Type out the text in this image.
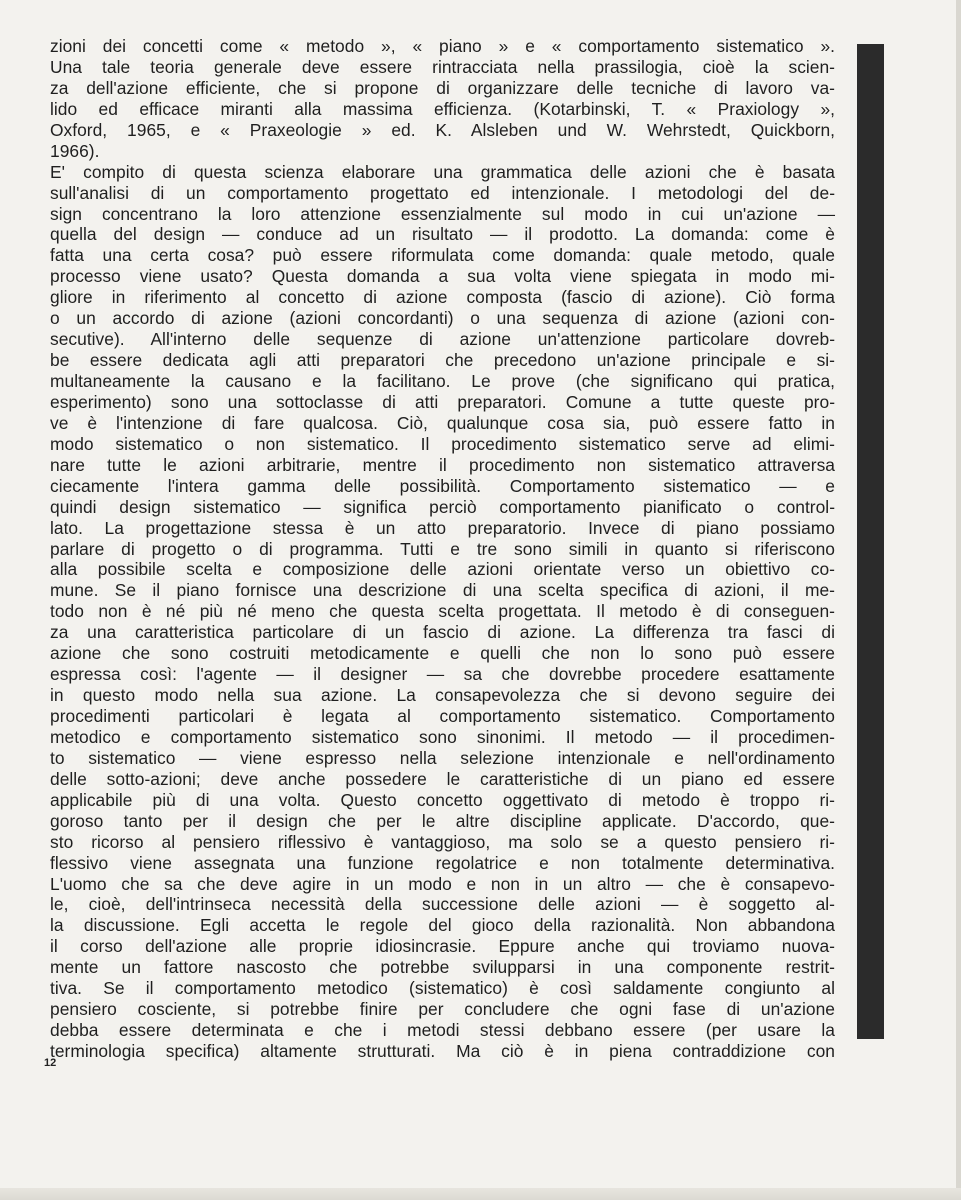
zioni dei concetti come « metodo », « piano » e « comportamento sistematico ».
Una tale teoria generale deve essere rintracciata nella prassilogia, cioè la scien-
za dell'azione efficiente, che si propone di organizzare delle tecniche di lavoro va-
lido ed efficace miranti alla massima efficienza. (Kotarbinski, T. « Praxiology »,
Oxford, 1965, e « Praxeologie » ed. K. Alsleben und W. Wehrstedt, Quickborn,
1966).
E' compito di questa scienza elaborare una grammatica delle azioni che è basata
sull'analisi di un comportamento progettato ed intenzionale. I metodologi del de-
sign concentrano la loro attenzione essenzialmente sul modo in cui un'azione —
quella del design — conduce ad un risultato — il prodotto. La domanda: come è
fatta una certa cosa? può essere riformulata come domanda: quale metodo, quale
processo viene usato? Questa domanda a sua volta viene spiegata in modo mi-
gliore in riferimento al concetto di azione composta (fascio di azione). Ciò forma
o un accordo di azione (azioni concordanti) o una sequenza di azione (azioni con-
secutive). All'interno delle sequenze di azione un'attenzione particolare dovreb-
be essere dedicata agli atti preparatori che precedono un'azione principale e si-
multaneamente la causano e la facilitano. Le prove (che significano qui pratica,
esperimento) sono una sottoclasse di atti preparatori. Comune a tutte queste pro-
ve è l'intenzione di fare qualcosa. Ciò, qualunque cosa sia, può essere fatto in
modo sistematico o non sistematico. Il procedimento sistematico serve ad elimi-
nare tutte le azioni arbitrarie, mentre il procedimento non sistematico attraversa
ciecamente l'intera gamma delle possibilità. Comportamento sistematico — e
quindi design sistematico — significa perciò comportamento pianificato o control-
lato. La progettazione stessa è un atto preparatorio. Invece di piano possiamo
parlare di progetto o di programma. Tutti e tre sono simili in quanto si riferiscono
alla possibile scelta e composizione delle azioni orientate verso un obiettivo co-
mune. Se il piano fornisce una descrizione di una scelta specifica di azioni, il me-
todo non è né più né meno che questa scelta progettata. Il metodo è di conseguen-
za una caratteristica particolare di un fascio di azione. La differenza tra fasci di
azione che sono costruiti metodicamente e quelli che non lo sono può essere
espressa così: l'agente — il designer — sa che dovrebbe procedere esattamente
in questo modo nella sua azione. La consapevolezza che si devono seguire dei
procedimenti particolari è legata al comportamento sistematico. Comportamento
metodico e comportamento sistematico sono sinonimi. Il metodo — il procedimen-
to sistematico — viene espresso nella selezione intenzionale e nell'ordinamento
delle sotto-azioni; deve anche possedere le caratteristiche di un piano ed essere
applicabile più di una volta. Questo concetto oggettivato di metodo è troppo ri-
goroso tanto per il design che per le altre discipline applicate. D'accordo, que-
sto ricorso al pensiero riflessivo è vantaggioso, ma solo se a questo pensiero ri-
flessivo viene assegnata una funzione regolatrice e non totalmente determinativa.
L'uomo che sa che deve agire in un modo e non in un altro — che è consapevo-
le, cioè, dell'intrinseca necessità della successione delle azioni — è soggetto al-
la discussione. Egli accetta le regole del gioco della razionalità. Non abbandona
il corso dell'azione alle proprie idiosincrasie. Eppure anche qui troviamo nuova-
mente un fattore nascosto che potrebbe svilupparsi in una componente restrit-
tiva. Se il comportamento metodico (sistematico) è così saldamente congiunto al
pensiero cosciente, si potrebbe finire per concludere che ogni fase di un'azione
debba essere determinata e che i metodi stessi debbano essere (per usare la
terminologia specifica) altamente strutturati. Ma ciò è in piena contraddizione con
12
